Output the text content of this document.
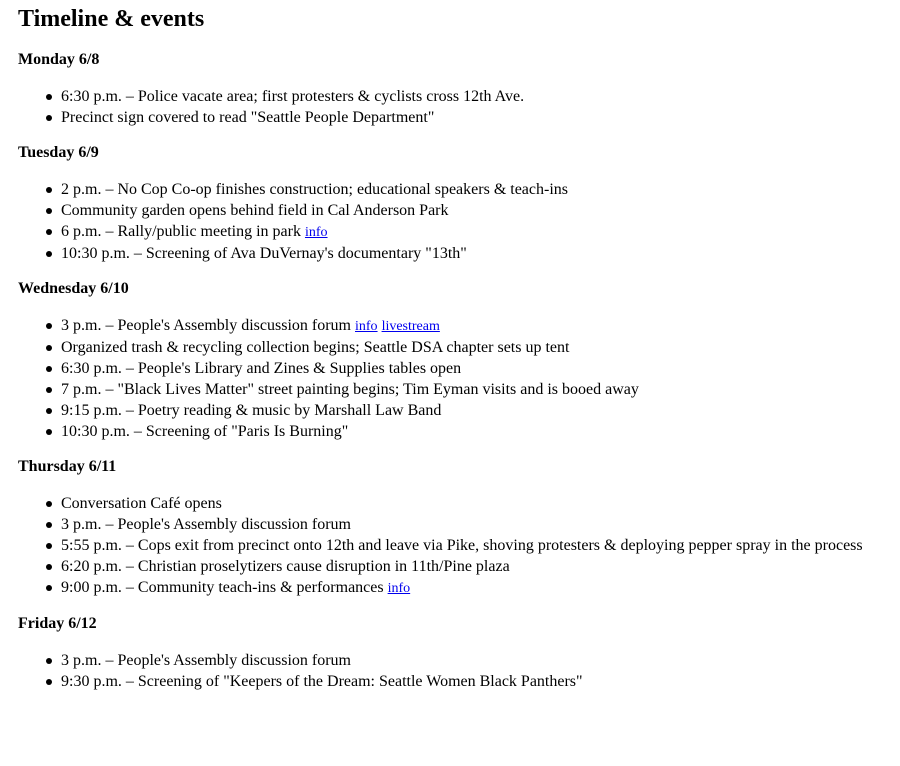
Timeline & events
Monday 6/8
6:30 p.m. – Police vacate area; first protesters & cyclists cross 12th Ave.
Precinct sign covered to read "Seattle People Department"
Tuesday 6/9
2 p.m. – No Cop Co-op finishes construction; educational speakers & teach-ins
Community garden opens behind field in Cal Anderson Park
6 p.m. – Rally/public meeting in park info
10:30 p.m. – Screening of Ava DuVernay's documentary "13th"
Wednesday 6/10
3 p.m. – People's Assembly discussion forum info livestream
Organized trash & recycling collection begins; Seattle DSA chapter sets up tent
6:30 p.m. – People's Library and Zines & Supplies tables open
7 p.m. – "Black Lives Matter" street painting begins; Tim Eyman visits and is booed away
9:15 p.m. – Poetry reading & music by Marshall Law Band
10:30 p.m. – Screening of "Paris Is Burning"
Thursday 6/11
Conversation Café opens
3 p.m. – People's Assembly discussion forum
5:55 p.m. – Cops exit from precinct onto 12th and leave via Pike, shoving protesters & deploying pepper spray in the process
6:20 p.m. – Christian proselytizers cause disruption in 11th/Pine plaza
9:00 p.m. – Community teach-ins & performances info
Friday 6/12
3 p.m. – People's Assembly discussion forum
9:30 p.m. – Screening of "Keepers of the Dream: Seattle Women Black Panthers"
